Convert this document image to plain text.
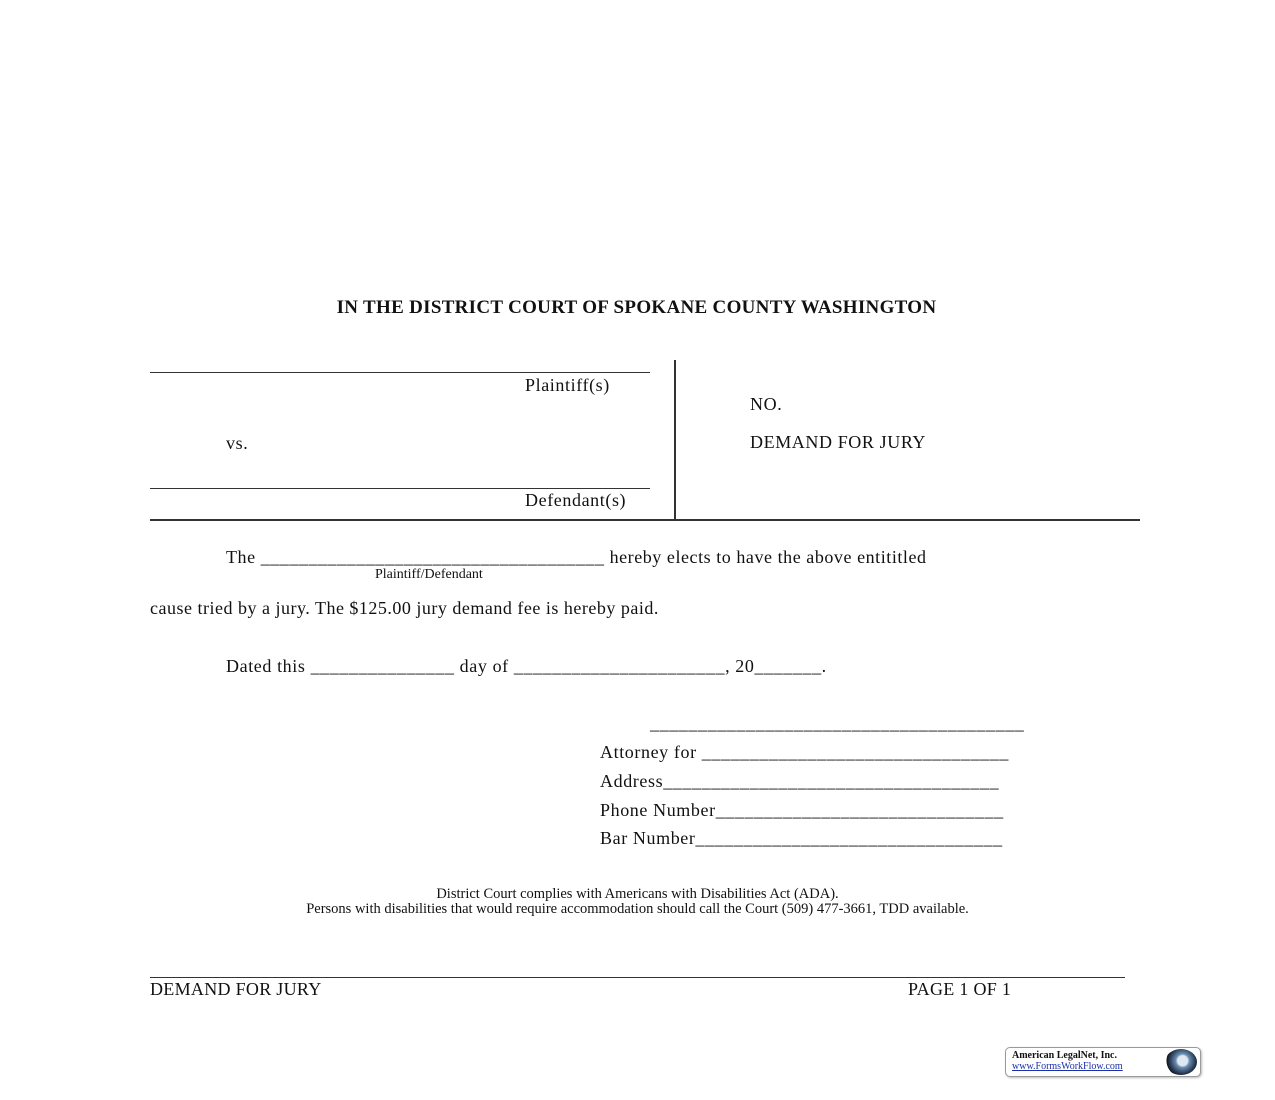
IN THE DISTRICT COURT OF SPOKANE COUNTY WASHINGTON
Plaintiff(s)
vs.
Defendant(s)
NO.
DEMAND FOR JURY
The ____________________________________ hereby elects to have the above entititled
Plaintiff/Defendant
cause tried by a jury. The $125.00 jury demand fee is hereby paid.
Dated this _______________ day of ______________________, 20_______.
_______________________________________
Attorney for ________________________________
Address___________________________________
Phone Number______________________________
Bar Number________________________________
District Court complies with Americans with Disabilities Act (ADA).
Persons with disabilities that would require accommodation should call the Court (509) 477-3661, TDD available.
DEMAND FOR JURY	PAGE 1 OF 1
American LegalNet, Inc.
www.FormsWorkFlow.com
